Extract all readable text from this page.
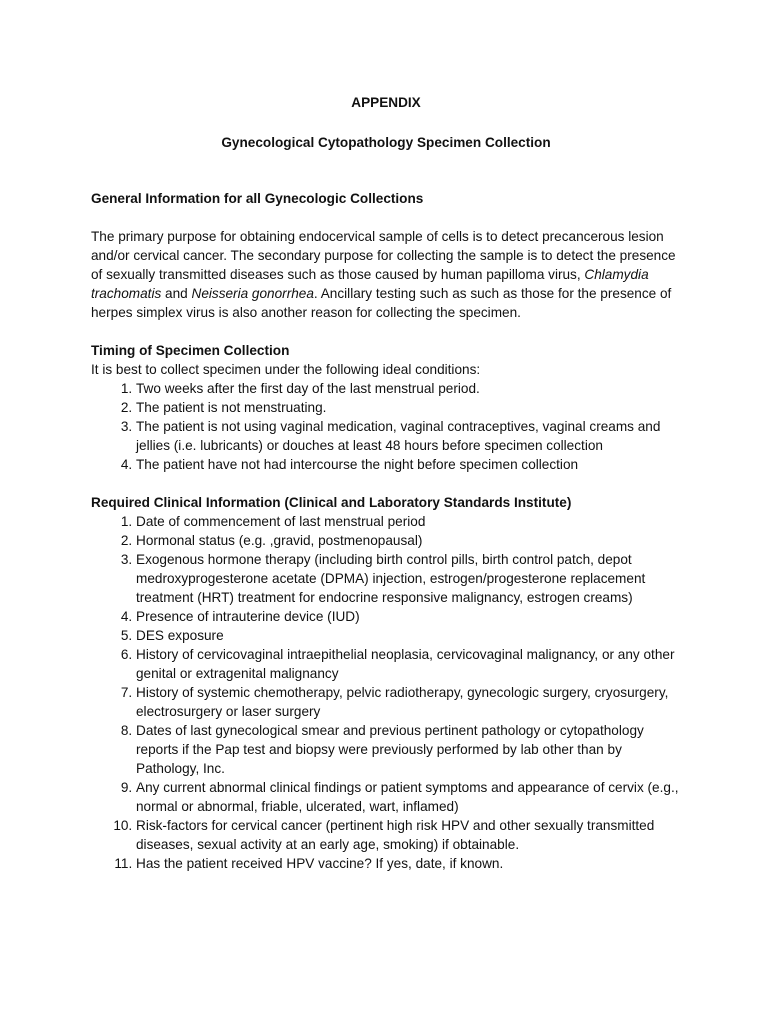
APPENDIX
Gynecological Cytopathology Specimen Collection
General Information for all Gynecologic Collections

The primary purpose for obtaining endocervical sample of cells is to detect precancerous lesion and/or cervical cancer. The secondary purpose for collecting the sample is to detect the presence of sexually transmitted diseases such as those caused by human papilloma virus, Chlamydia trachomatis and Neisseria gonorrhea. Ancillary testing such as such as those for the presence of herpes simplex virus is also another reason for collecting the specimen.

Timing of Specimen Collection

It is best to collect specimen under the following ideal conditions:

1. Two weeks after the first day of the last menstrual period.
2. The patient is not menstruating.
3. The patient is not using vaginal medication, vaginal contraceptives, vaginal creams and jellies (i.e. lubricants) or douches at least 48 hours before specimen collection
4. The patient have not had intercourse the night before specimen collection
Required Clinical Information (Clinical and Laboratory Standards Institute)
1. Date of commencement of last menstrual period
2. Hormonal status (e.g. ,gravid, postmenopausal)
3. Exogenous hormone therapy (including birth control pills, birth control patch, depot medroxyprogesterone acetate (DPMA) injection, estrogen/progesterone replacement treatment (HRT) treatment for endocrine responsive malignancy, estrogen creams)
4. Presence of intrauterine device (IUD)
5. DES exposure
6. History of cervicovaginal intraepithelial neoplasia, cervicovaginal malignancy, or any other genital or extragenital malignancy
7. History of systemic chemotherapy, pelvic radiotherapy, gynecologic surgery, cryosurgery, electrosurgery or laser surgery
8. Dates of last gynecological smear and previous pertinent pathology or cytopathology reports if the Pap test and biopsy were previously performed by lab other than by Pathology, Inc.
9. Any current abnormal clinical findings or patient symptoms and appearance of cervix (e.g., normal or abnormal, friable, ulcerated, wart, inflamed)
10. Risk-factors for cervical cancer (pertinent high risk HPV and other sexually transmitted diseases, sexual activity at an early age, smoking) if obtainable.
11. Has the patient received HPV vaccine? If yes, date, if known.
